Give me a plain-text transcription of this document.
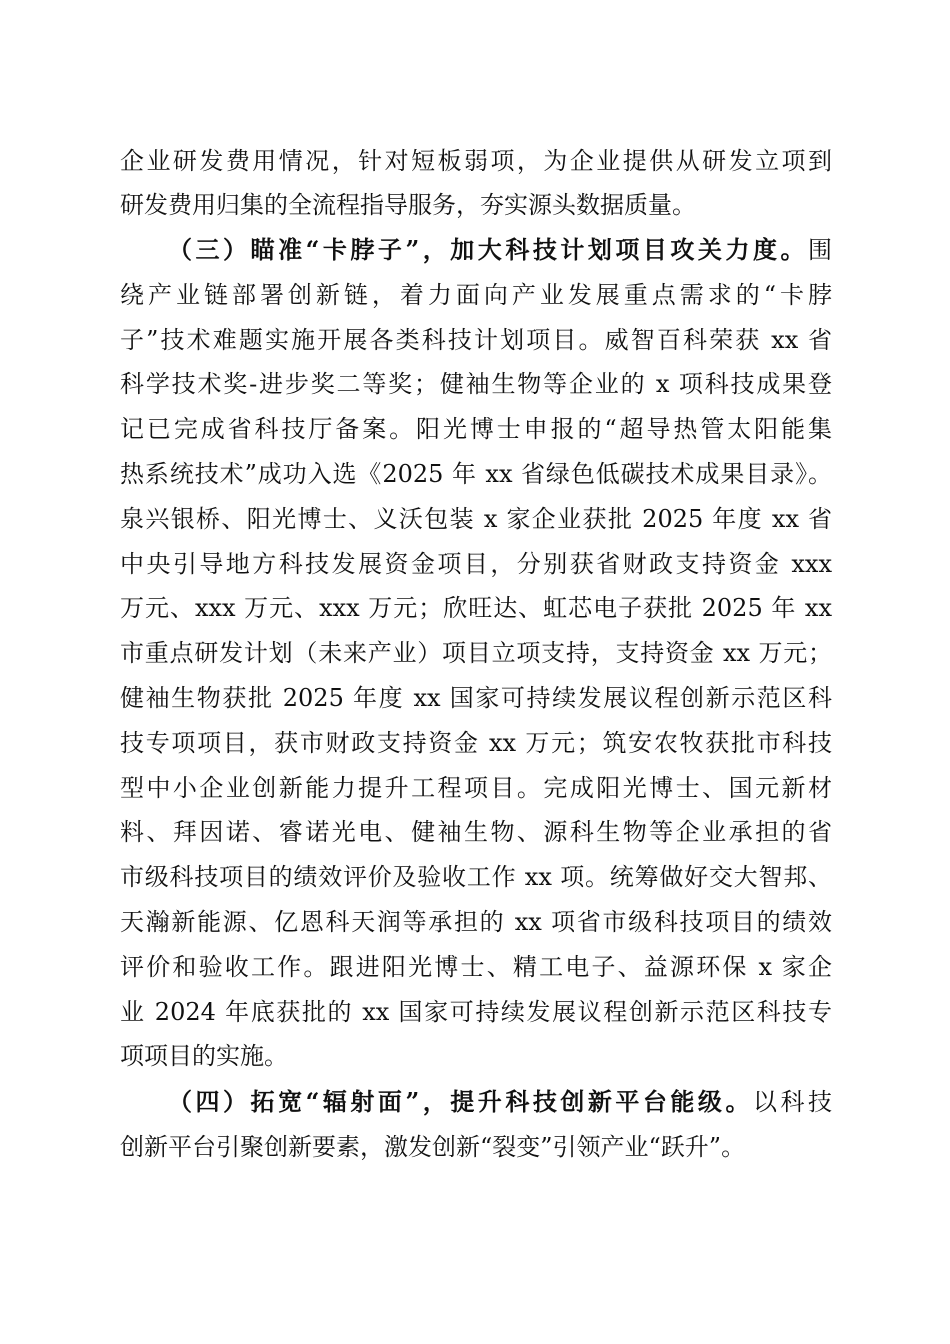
企业研发费用情况，针对短板弱项，为企业提供从研发立项到
研发费用归集的全流程指导服务，夯实源头数据质量。
（三）瞄准“卡脖子”，加大科技计划项目攻关力度。围
绕产业链部署创新链，着力面向产业发展重点需求的“卡脖
子”技术难题实施开展各类科技计划项目。威智百科荣获 xx 省
科学技术奖-进步奖二等奖；健袖生物等企业的 x 项科技成果登
记已完成省科技厅备案。阳光博士申报的“超导热管太阳能集
热系统技术”成功入选《2025 年 xx 省绿色低碳技术成果目录》。
泉兴银桥、阳光博士、义沃包装 x 家企业获批 2025 年度 xx 省
中央引导地方科技发展资金项目，分别获省财政支持资金 xxx
万元、xxx 万元、xxx 万元；欣旺达、虹芯电子获批 2025 年 xx
市重点研发计划（未来产业）项目立项支持，支持资金 xx 万元；
健袖生物获批 2025 年度 xx 国家可持续发展议程创新示范区科
技专项项目，获市财政支持资金 xx 万元；筑安农牧获批市科技
型中小企业创新能力提升工程项目。完成阳光博士、国元新材
料、拜因诺、睿诺光电、健袖生物、源科生物等企业承担的省
市级科技项目的绩效评价及验收工作 xx 项。统筹做好交大智邦、
天瀚新能源、亿恩科天润等承担的 xx 项省市级科技项目的绩效
评价和验收工作。跟进阳光博士、精工电子、益源环保 x 家企
业 2024 年底获批的 xx 国家可持续发展议程创新示范区科技专
项项目的实施。
（四）拓宽“辐射面”，提升科技创新平台能级。以科技
创新平台引聚创新要素，激发创新“裂变”引领产业“跃升”。
